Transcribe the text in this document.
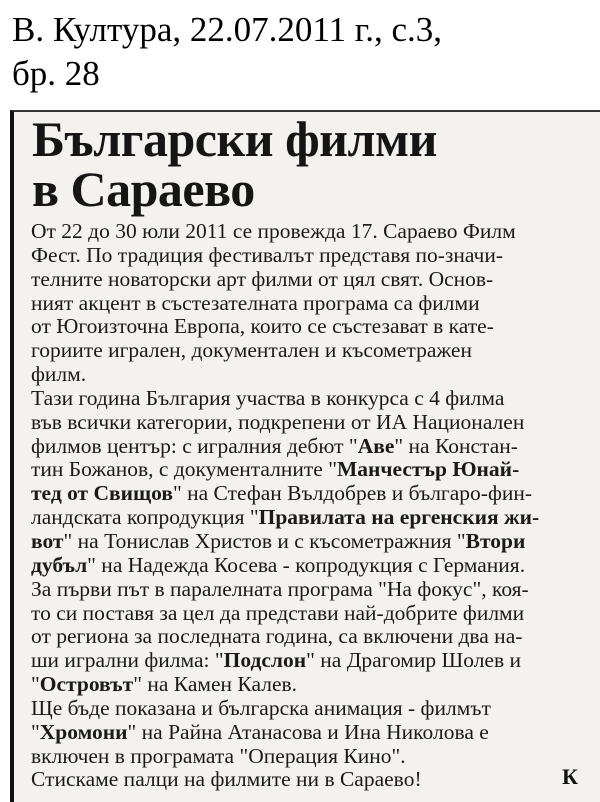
В. Култура, 22.07.2011 г., с.3,
бр. 28
Български филми
в Сараево
От 22 до 30 юли 2011 се провежда 17. Сараево Филм
Фест. По традиция фестивалът представя по-значи-
телните новаторски арт филми от цял свят. Основ-
ният акцент в състезателната програма са филми
от Югоизточна Европа, които се състезават в кате-
гориите игрален, документален и късометражен
филм.
Тази година България участва в конкурса с 4 филма
във всички категории, подкрепени от ИА Национален
филмов център: с игралния дебют "Аве" на Констан-
тин Божанов, с документалните "Манчестър Юнай-
тед от Свищов" на Стефан Вълдобрев и българо-фин-
ландската копродукция "Правилата на ергенския жи-
вот" на Тонислав Христов и с късометражния "Втори
дубъл" на Надежда Косева - копродукция с Германия.
За първи път в паралелната програма "На фокус", коя-
то си поставя за цел да представи най-добрите филми
от региона за последната година, са включени два на-
ши игрални филма: "Подслон" на Драгомир Шолев и
"Островът" на Камен Калев.
Ще бъде показана и българска анимация - филмът
"Хромони" на Райна Атанасова и Ина Николова е
включен в програмата "Операция Кино".
Стискаме палци на филмите ни в Сараево!	К
